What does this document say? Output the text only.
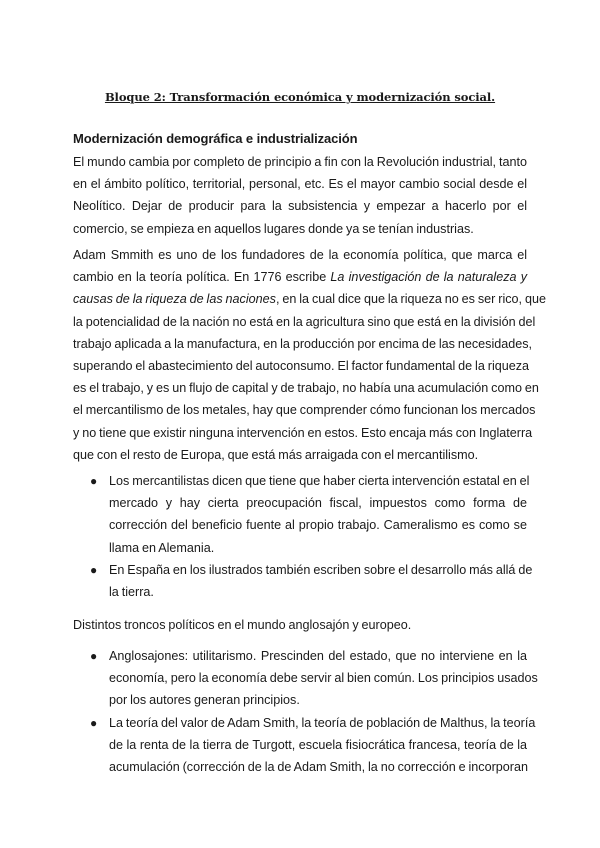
Bloque 2: Transformación económica y modernización social.
Modernización demográfica e industrialización
El mundo cambia por completo de principio a fin con la Revolución industrial, tanto
en el ámbito político, territorial, personal, etc. Es el mayor cambio social desde el
Neolítico. Dejar de producir para la subsistencia y empezar a hacerlo por el
comercio, se empieza en aquellos lugares donde ya se tenían industrias.
Adam Smmith es uno de los fundadores de la economía política, que marca el
cambio en la teoría política. En 1776 escribe La investigación de la naturaleza y
causas de la riqueza de las naciones, en la cual dice que la riqueza no es ser rico, que
la potencialidad de la nación no está en la agricultura sino que está en la división del
trabajo aplicada a la manufactura, en la producción por encima de las necesidades,
superando el abastecimiento del autoconsumo. El factor fundamental de la riqueza
es el trabajo, y es un flujo de capital y de trabajo, no había una acumulación como en
el mercantilismo de los metales, hay que comprender cómo funcionan los mercados
y no tiene que existir ninguna intervención en estos. Esto encaja más con Inglaterra
que con el resto de Europa, que está más arraigada con el mercantilismo.
● Los mercantilistas dicen que tiene que haber cierta intervención estatal en el
mercado y hay cierta preocupación fiscal, impuestos como forma de
corrección del beneficio fuente al propio trabajo. Cameralismo es como se
llama en Alemania.
● En España en los ilustrados también escriben sobre el desarrollo más allá de
la tierra.
Distintos troncos políticos en el mundo anglosajón y europeo.
● Anglosajones: utilitarismo. Prescinden del estado, que no interviene en la
economía, pero la economía debe servir al bien común. Los principios usados
por los autores generan principios.
● La teoría del valor de Adam Smith, la teoría de población de Malthus, la teoría
de la renta de la tierra de Turgott, escuela fisiocrática francesa, teoría de la
acumulación (corrección de la de Adam Smith, la no corrección e incorporan
